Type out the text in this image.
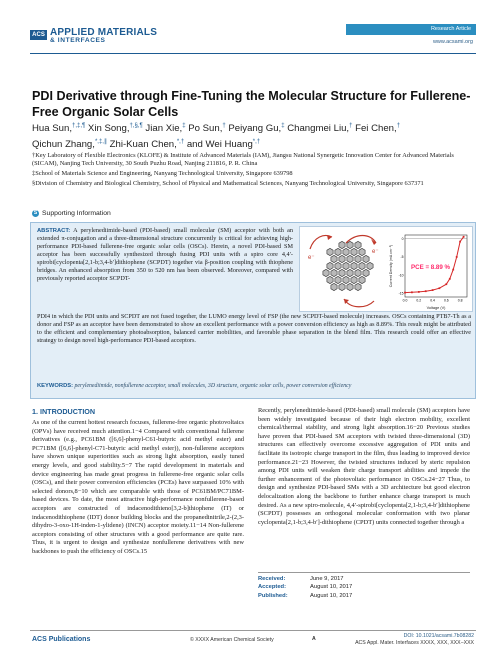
ACS APPLIED MATERIALS
& INTERFACES
Research Article
www.acsami.org
PDI Derivative through Fine-Tuning the Molecular Structure for Fullerene-Free Organic Solar Cells
Hua Sun,†,‡,¶ Xin Song,†,§,¶ Jian Xie,‡ Po Sun,† Peiyang Gu,‡ Changmei Liu,† Fei Chen,†
Qichun Zhang,*,‡,∥ Zhi-Kuan Chen,*,† and Wei Huang*,†
†Key Laboratory of Flexible Electronics (KLOFE) & Institute of Advanced Materials (IAM), Jiangsu National Synergetic Innovation Center for Advanced Materials (SICAM), Nanjing Tech University, 30 South Puzhu Road, Nanjing 211816, P. R. China
‡School of Materials Science and Engineering, Nanyang Technological University, Singapore 639798
§Division of Chemistry and Biological Chemistry, School of Physical and Mathematical Sciences, Nanyang Technological University, Singapore 637371
S Supporting Information
ABSTRACT: A perylenediimide-based (PDI-based) small molecular (SM) acceptor with both an extended π-conjugation and a three-dimensional structure concurrently is critical for achieving high-performance PDI-based fullerene-free organic solar cells (OSCs). Herein, a novel PDI-based SM acceptor has been successfully synthesized through fusing PDI units with a spiro core 4,4′-spirobi[cyclopenta[2,1-b;3,4-b′]dithiophene (SCPDT) together via β-position coupling with thiophene bridges. An enhanced absorption from 350 to 520 nm has been observed. Moreover, compared with previously reported acceptor SCPDT-
e⁻
e⁻
0
-5
-10
-15
0.0	0.2	0.4	0.6	0.8
PCE = 8.89 %
Voltage (V)
Current Density (mA cm⁻²)
PDI4 in which the PDI units and SCPDT are not fused together, the LUMO energy level of FSP (the new SCPDT-based molecule) increases. OSCs containing PTB7-Th as a donor and FSP as an acceptor have been demonstrated to show an excellent performance with a power conversion efficiency as high as 8.89%. This result might be attributed to the efficient and complementary photoabsorption, balanced carrier mobilities, and favorable phase separation in the blend film. This research could offer an effective strategy to design novel high-performance PDI-based acceptors.
KEYWORDS: perylenediimide, nonfullerene acceptor, small molecules, 3D structure, organic solar cells, power conversion efficiency
1. INTRODUCTION
As one of the current hottest research focuses, fullerene-free organic photovoltaics (OPVs) have received much attention.1−4 Compared with conventional fullerene derivatives (e.g., PC61BM ([6,6]-phenyl-C61-butyric acid methyl ester) and PC71BM ([6,6]-phenyl-C71-butyric acid methyl ester)), non-fullerene acceptors have shown unique superiorities such as strong light absorption, easily tuned energy levels, and good stability.5−7 The rapid development in materials and device engineering has made great progress in fullerene-free organic solar cells (OSCs), and their power conversion efficiencies (PCEs) have surpassed 10% with selected donors,8−10 which are comparable with those of PC61BM/PC71BM-based devices. To date, the most attractive high-performance nonfullerene-based acceptors are constructed of indacenodithieno[3,2-b]thiophene (IT) or indacenodithiophene (IDT) donor building blocks and the propanedinitrile,2-(2,3-dihydro-3-oxo-1H-inden-1-ylidene) (INCN) acceptor moiety.11−14 Non-fullerene acceptors consisting of other structures with a good performance are quite rare. Thus, it is urgent to design and synthesize nonfullerene derivatives with new backbones to push the efficiency of OSCs.15
Recently, perylenediimide-based (PDI-based) small molecule (SM) acceptors have been widely investigated because of their high electron mobility, excellent chemical/thermal stability, and strong light absorption.16−20 Previous studies have proven that PDI-based SM acceptors with twisted three-dimensional (3D) structures can effectively overcome excessive aggregation of PDI units and facilitate its isotropic charge transport in the film, thus leading to improved device performance.21−23 However, the twisted structures induced by steric repulsion among PDI units will weaken their charge transport abilities and impede the further enhancement of the photovoltaic performance in OSCs.24−27 Thus, to design and synthesize PDI-based SMs with a 3D architecture but good electron delocalization along the backbone to further enhance charge transport is much desired. As a new spiro-molecule, 4,4′-spirobi[cyclopenta[2,1-b;3,4-b′]dithiophene (SCPDT) possesses an orthogonal molecular conformation with two planar cyclopenta[2,1-b;3,4-b′]-dithiophene (CPDT) units connected together through a
Received:	June 9, 2017
Accepted:	August 10, 2017
Published:	August 10, 2017
ACS Publications	© XXXX American Chemical Society	A	DOI: 10.1021/acsami.7b08282
ACS Appl. Mater. Interfaces XXXX, XXX, XXX−XXX
